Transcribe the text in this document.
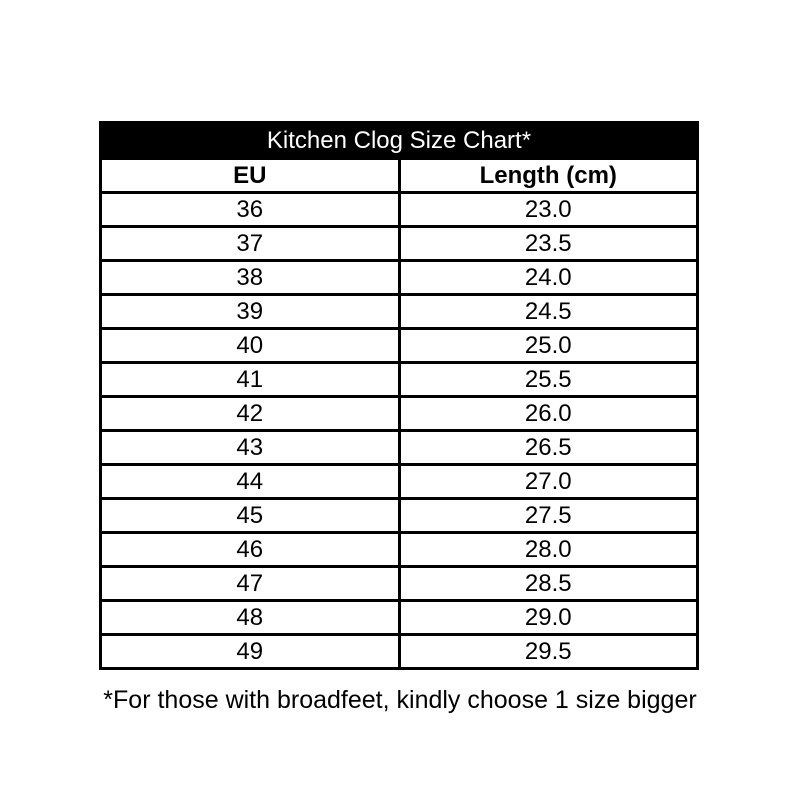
Kitchen Clog Size Chart*	
EU	Length (cm)
36	23.0
37	23.5
38	24.0
39	24.5
40	25.0
41	25.5
42	26.0
43	26.5
44	27.0
45	27.5
46	28.0
47	28.5
48	29.0
49	29.5
*For those with broadfeet, kindly choose 1 size bigger
